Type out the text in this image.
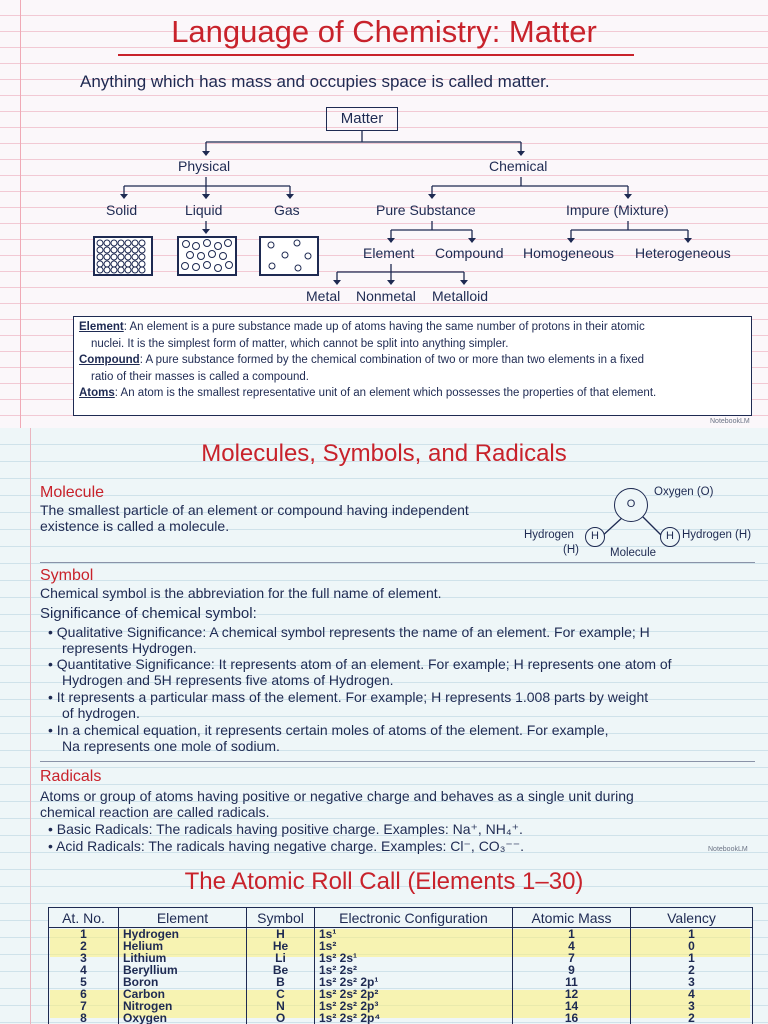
Language of Chemistry: Matter
Anything which has mass and occupies space is called matter.
Matter
Physical	Chemical
Solid	Liquid	Gas	Pure Substance	Impure (Mixture)
Element Compound Homogeneous Heterogeneous
Metal Nonmetal Metalloid

Element: An element is a pure substance made up of atoms having the same number of protons in their atomic

nuclei. It is the simplest form of matter, which cannot be split into anything simpler.

Compound: A pure substance formed by the chemical combination of two or more than two elements in a fixed

ratio of their masses is called a compound.

Atoms: An atom is the smallest representative unit of an element which possesses the properties of that element.

NotebookLM
Molecules, Symbols, and Radicals
Molecule
The smallest particle of an element or compound having independent
existence is called a molecule.
O
Oxygen (O)
H	H
Hydrogen
(H)
Hydrogen (H)
Molecule
Symbol
Chemical symbol is the abbreviation for the full name of element.
Significance of chemical symbol:
• Qualitative Significance: A chemical symbol represents the name of an element. For example; H
represents Hydrogen.
• Quantitative Significance: It represents atom of an element. For example; H represents one atom of
Hydrogen and 5H represents five atoms of Hydrogen.
• It represents a particular mass of the element. For example; H represents 1.008 parts by weight
of hydrogen.
• In a chemical equation, it represents certain moles of atoms of the element. For example,
Na represents one mole of sodium.
Radicals
Atoms or group of atoms having positive or negative charge and behaves as a single unit during
chemical reaction are called radicals.
• Basic Radicals: The radicals having positive charge. Examples: Na⁺, NH₄⁺.
• Acid Radicals: The radicals having negative charge. Examples: Cl⁻, CO₃⁻⁻.	NotebookLM
The Atomic Roll Call (Elements 1–30)
At. No.	Element	Symbol	Electronic Configuration	Atomic Mass	Valency
1	Hydrogen	H	1s¹	1	1
2	Helium	He	1s²	4	0
3	Lithium	Li	1s² 2s¹	7	1
4	Beryllium	Be	1s² 2s²	9	2
5	Boron	B	1s² 2s² 2p¹	11	3
6	Carbon	C	1s² 2s² 2p²	12	4
7	Nitrogen	N	1s² 2s² 2p³	14	3
8	Oxygen	O	1s² 2s² 2p⁴	16	2
